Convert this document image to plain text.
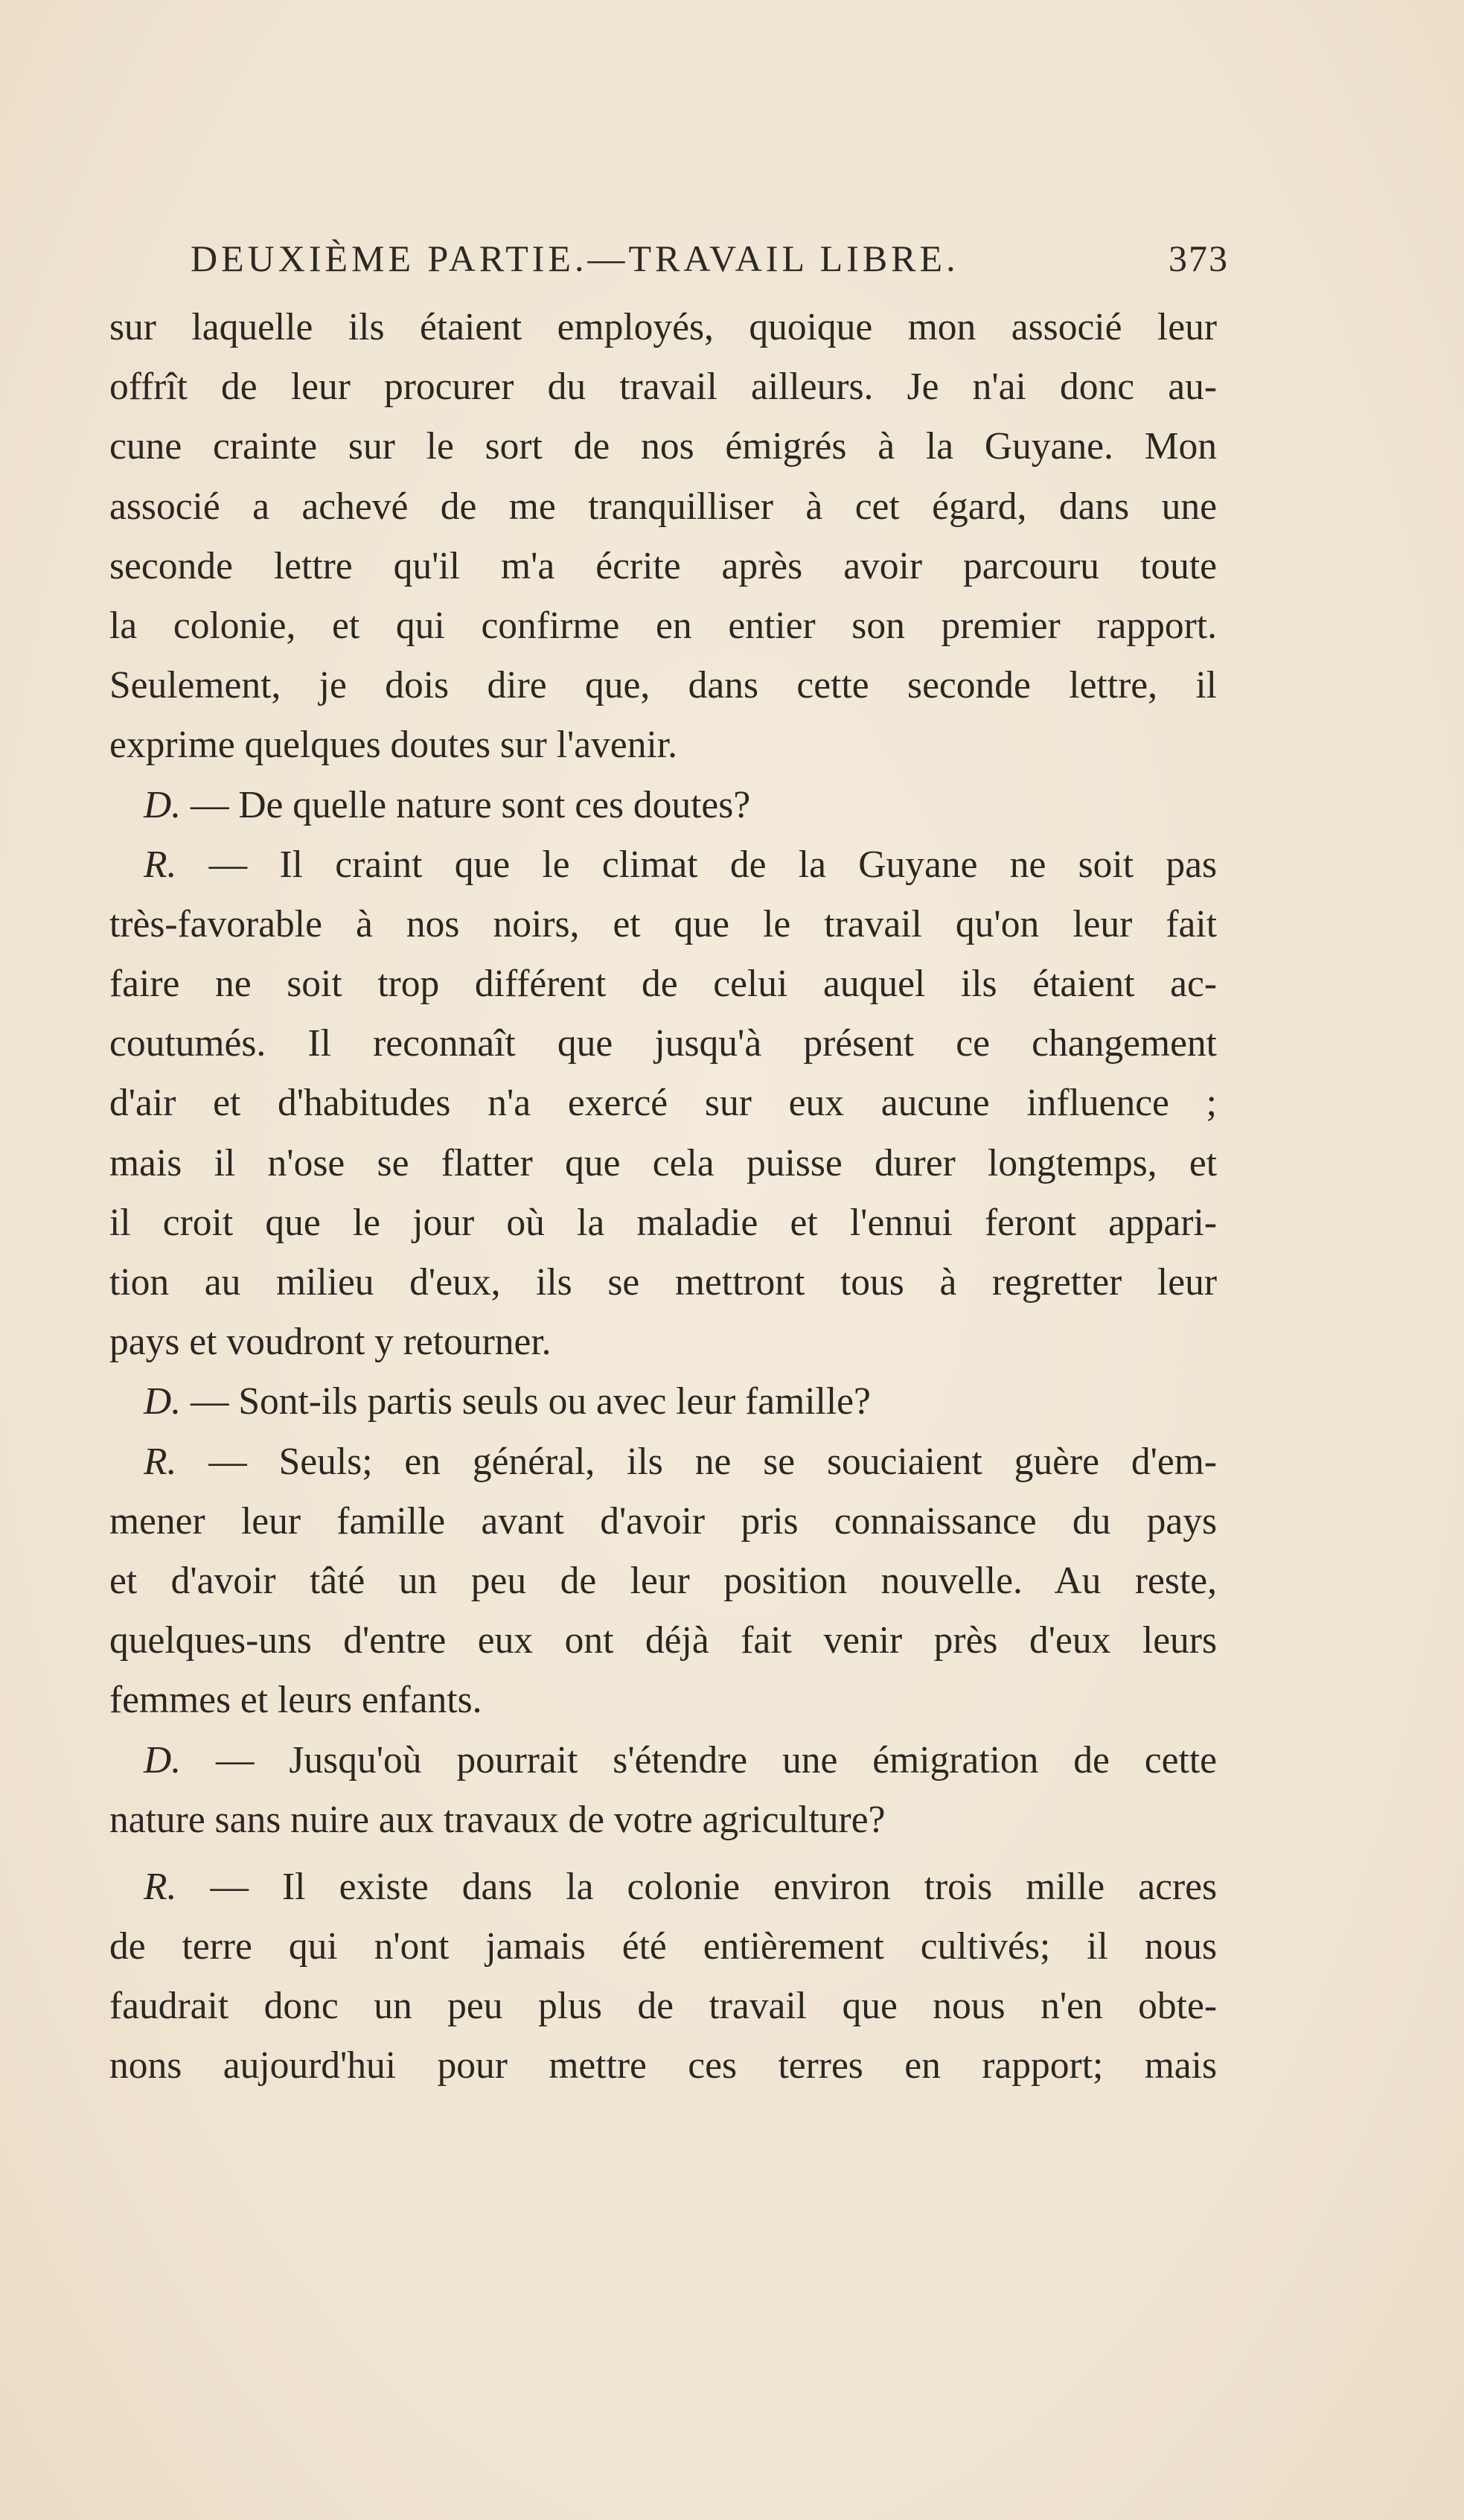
DEUXIÈME PARTIE.—TRAVAIL LIBRE.	373
sur laquelle ils étaient employés, quoique mon associé leur
offrît de leur procurer du travail ailleurs. Je n'ai donc au-
cune crainte sur le sort de nos émigrés à la Guyane. Mon
associé a achevé de me tranquilliser à cet égard, dans une
seconde lettre qu'il m'a écrite après avoir parcouru toute
la colonie, et qui confirme en entier son premier rapport.
Seulement, je dois dire que, dans cette seconde lettre, il
exprime quelques doutes sur l'avenir.
D. — De quelle nature sont ces doutes?
R. — Il craint que le climat de la Guyane ne soit pas
très-favorable à nos noirs, et que le travail qu'on leur fait
faire ne soit trop différent de celui auquel ils étaient ac-
coutumés. Il reconnaît que jusqu'à présent ce changement
d'air et d'habitudes n'a exercé sur eux aucune influence ;
mais il n'ose se flatter que cela puisse durer longtemps, et
il croit que le jour où la maladie et l'ennui feront appari-
tion au milieu d'eux, ils se mettront tous à regretter leur
pays et voudront y retourner.
D. — Sont-ils partis seuls ou avec leur famille?
R. — Seuls; en général, ils ne se souciaient guère d'em-
mener leur famille avant d'avoir pris connaissance du pays
et d'avoir tâté un peu de leur position nouvelle. Au reste,
quelques-uns d'entre eux ont déjà fait venir près d'eux leurs
femmes et leurs enfants.
D. — Jusqu'où pourrait s'étendre une émigration de cette
nature sans nuire aux travaux de votre agriculture?
R. — Il existe dans la colonie environ trois mille acres
de terre qui n'ont jamais été entièrement cultivés; il nous
faudrait donc un peu plus de travail que nous n'en obte-
nons aujourd'hui pour mettre ces terres en rapport; mais
